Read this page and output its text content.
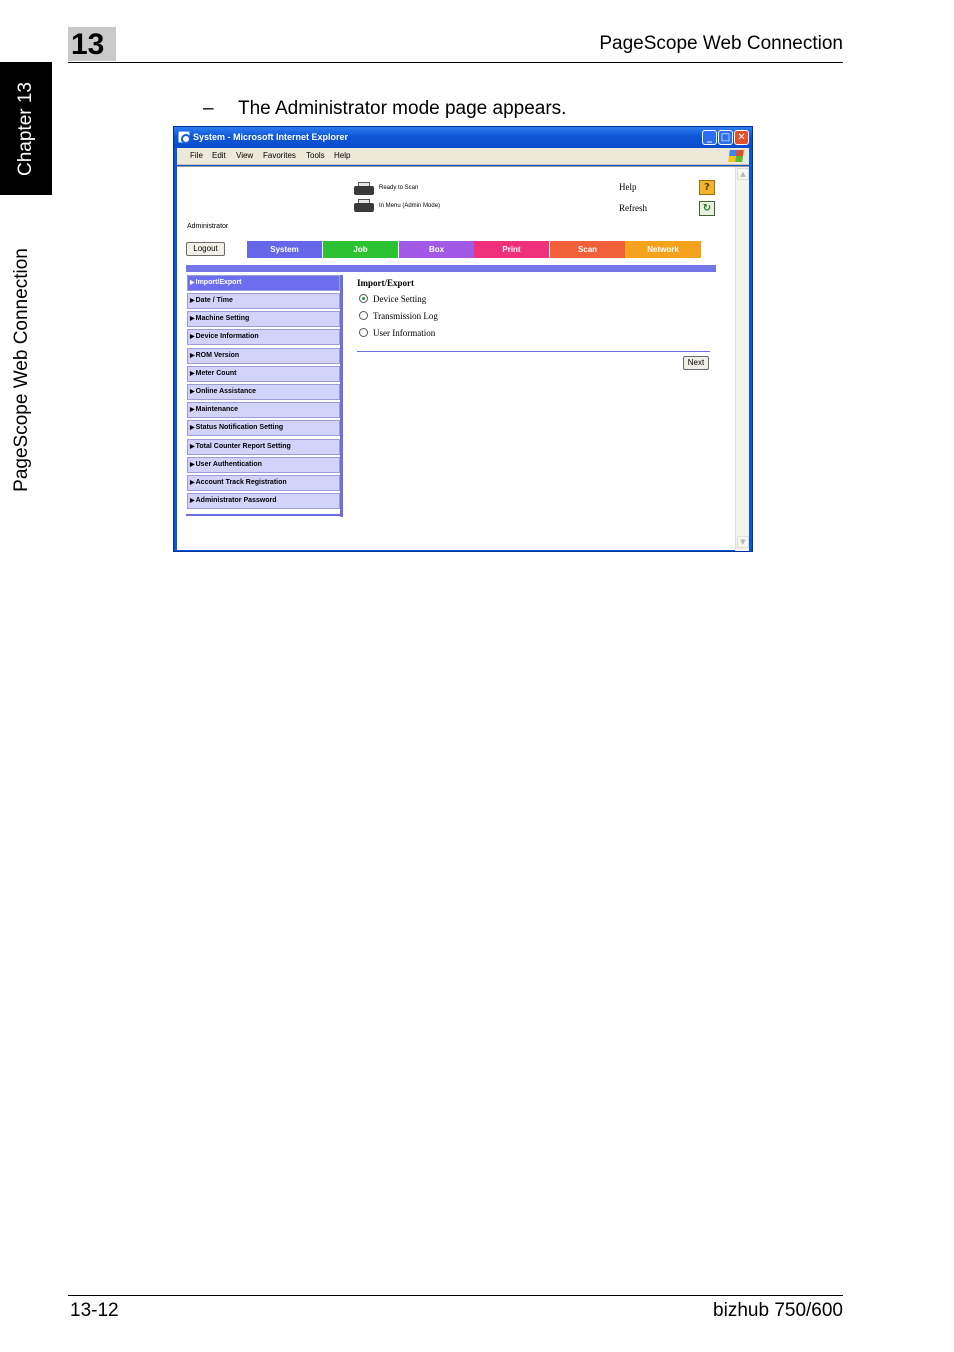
13	PageScope Web Connection
Chapter 13
PageScope Web Connection
– The Administrator mode page appears.
System - Microsoft Internet Explorer	_ □ ✕
File Edit View Favorites Tools Help
Ready to Scan
In Menu (Admin Mode)
Help	?
Refresh	↻
Administrator
Logout	System	Job	Box	Print	Scan	Network
▶Import/Export
▶Date / Time
▶Machine Setting
▶Device Information
▶ROM Version
▶Meter Count
▶Online Assistance
▶Maintenance
▶Status Notification Setting
▶Total Counter Report Setting
▶User Authentication
▶Account Track Registration
▶Administrator Password
Import/Export
Device Setting
Transmission Log
User Information
Next
▲
▼
13-12	bizhub 750/600
